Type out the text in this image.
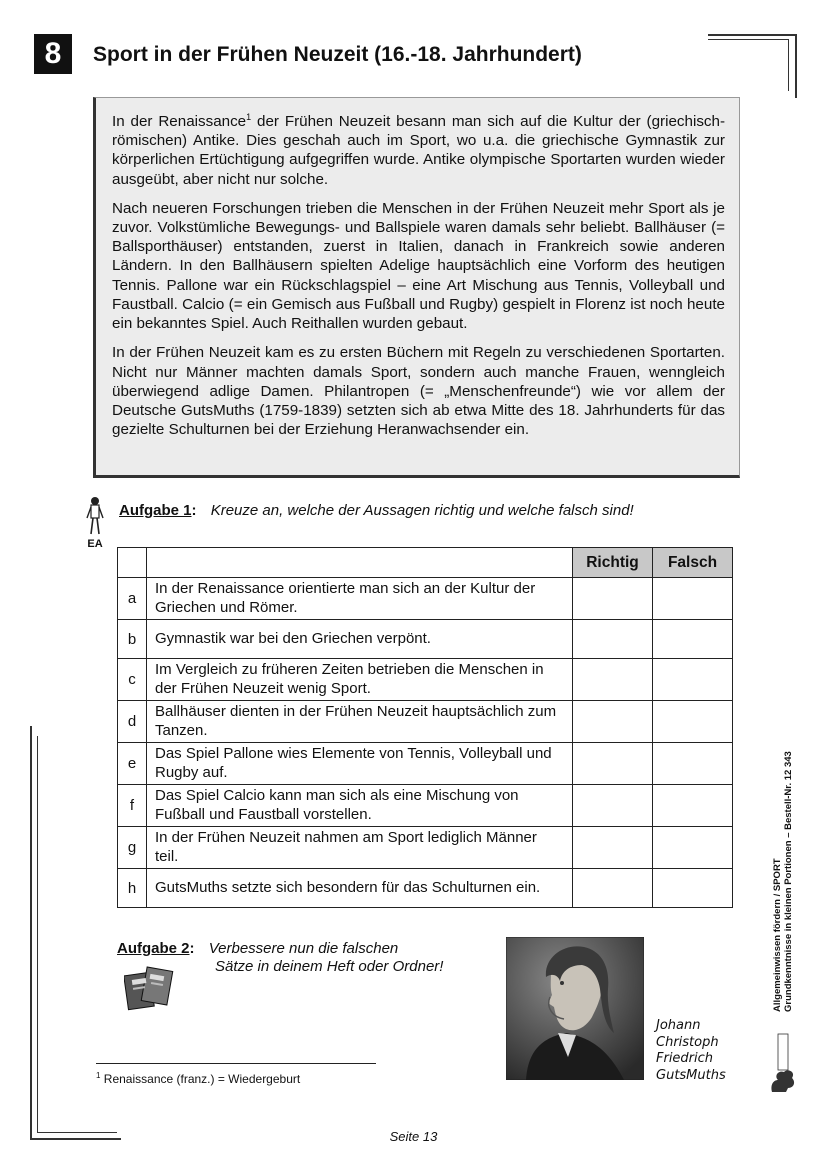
8	Sport in der Frühen Neuzeit (16.-18. Jahrhundert)

In der Renaissance$^1$ der Frühen Neuzeit besann man sich auf die Kultur der (griechisch-römischen) Antike. Dies geschah auch im Sport, wo u.a. die griechische Gymnastik zur körperlichen Ertüchtigung aufgegriffen wurde. Antike olympische Sportarten wurden wieder ausgeübt, aber nicht nur solche.

Nach neueren Forschungen trieben die Menschen in der Frühen Neuzeit mehr Sport als je zuvor. Volkstümliche Bewegungs- und Ballspiele waren damals sehr beliebt. Ballhäuser (= Ballsporthäuser) entstanden, zuerst in Italien, danach in Frankreich sowie anderen Ländern. In den Ballhäusern spielten Adelige hauptsächlich eine Vorform des heutigen Tennis. Pallone war ein Rückschlagspiel – eine Art Mischung aus Tennis, Volleyball und Faustball. Calcio (= ein Gemisch aus Fußball und Rugby) gespielt in Florenz ist noch heute ein bekanntes Spiel. Auch Reithallen wurden gebaut.

In der Frühen Neuzeit kam es zu ersten Büchern mit Regeln zu verschiedenen Sportarten. Nicht nur Männer machten damals Sport, sondern auch manche Frauen, wenngleich überwiegend adlige Damen. Philantropen (= „Menschenfreunde“) wie vor allem der Deutsche GutsMuths (1759-1839) setzten sich ab etwa Mitte des 18. Jahrhunderts für das gezielte Schulturnen bei der Erziehung Heranwachsender ein.

EA
Aufgabe 1: Kreuze an, welche der Aussagen richtig und welche falsch sind!
		Richtig	Falsch
a	In der Renaissance orientierte man sich an der Kultur der Griechen und Römer.		
b	Gymnastik war bei den Griechen verpönt.		
c	Im Vergleich zu früheren Zeiten betrieben die Menschen in der Frühen Neuzeit wenig Sport.		
d	Ballhäuser dienten in der Frühen Neuzeit hauptsächlich zum Tanzen.		
e	Das Spiel Pallone wies Elemente von Tennis, Volleyball und Rugby auf.		
f	Das Spiel Calcio kann man sich als eine Mischung von Fußball und Faustball vorstellen.		
g	In der Frühen Neuzeit nahmen am Sport lediglich Männer teil.		
h	GutsMuths setzte sich besondern für das Schulturnen ein.		
Aufgabe 2: Verbessere nun die falschen
Sätze in deinem Heft oder Ordner!
Johann
Christoph
Friedrich
GutsMuths
$^1$ Renaissance (franz.) = Wiedergeburt
Seite 13
Allgemeinwissen fördern / SPORT Grundkenntnisse in kleinen Portionen – Bestell-Nr. 12 343
